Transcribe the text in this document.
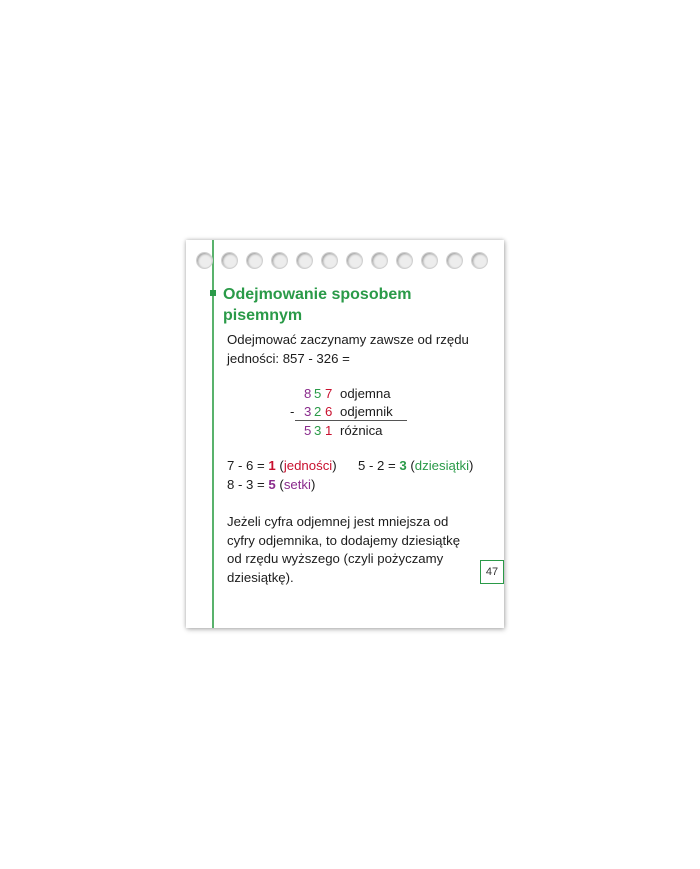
Odejmowanie sposobem
pisemnym
Odejmować zaczynamy zawsze od rzędu
jedności: 857 - 326 =
8 5 7 odjemna
- 3 2 6 odjemnik
5 3 1 różnica
7 - 6 = 1 (jedności) 5 - 2 = 3 (dziesiątki)
8 - 3 = 5 (setki)
Jeżeli cyfra odjemnej jest mniejsza od
cyfry odjemnika, to dodajemy dziesiątkę
od rzędu wyższego (czyli pożyczamy
dziesiątkę).	47
